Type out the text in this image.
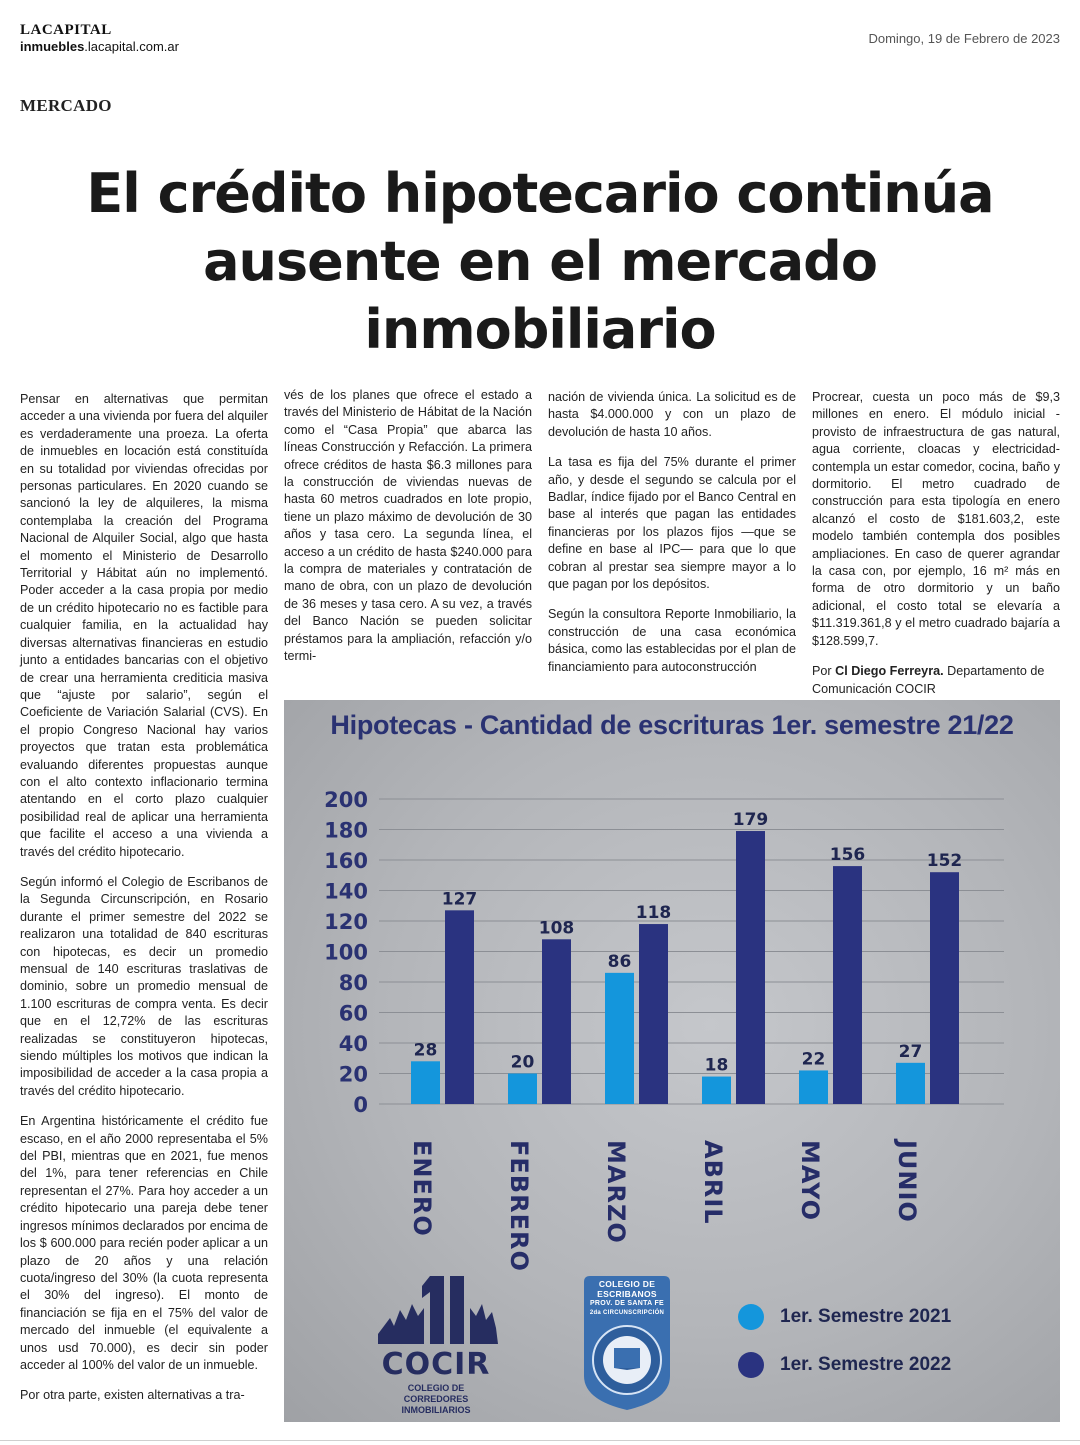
LACAPITAL
inmuebles.lacapital.com.ar
Domingo, 19 de Febrero de 2023
MERCADO
El crédito hipotecario continúa
ausente en el mercado
inmobiliario

Pensar en alternativas que permitan acceder a una vivienda por fuera del alquiler es verdaderamente una proeza. La oferta de inmuebles en locación está constituída en su totalidad por viviendas ofrecidas por personas particulares. En 2020 cuando se sancionó la ley de alquileres, la misma contemplaba la creación del Programa Nacional de Alquiler Social, algo que hasta el momento el Ministerio de Desarrollo Territorial y Hábitat aún no implementó. Poder acceder a la casa propia por medio de un crédito hipotecario no es factible para cualquier familia, en la actualidad hay diversas alternativas financieras en estudio junto a entidades bancarias con el objetivo de crear una herramienta crediticia masiva que “ajuste por salario”, según el Coeficiente de Variación Salarial (CVS). En el propio Congreso Nacional hay varios proyectos que tratan esta problemática evaluando diferentes propuestas aunque con el alto contexto inflacionario termina atentando en el corto plazo cualquier posibilidad real de aplicar una herramienta que facilite el acceso a una vivienda a través del crédito hipotecario.

Según informó el Colegio de Escribanos de la Segunda Circunscripción, en Rosario durante el primer semestre del 2022 se realizaron una totalidad de 840 escrituras con hipotecas, es decir un promedio mensual de 140 escrituras traslativas de dominio, sobre un promedio mensual de 1.100 escrituras de compra venta. Es decir que en el 12,72% de las escrituras realizadas se constituyeron hipotecas, siendo múltiples los motivos que indican la imposibilidad de acceder a la casa propia a través del crédito hipotecario.

En Argentina históricamente el crédito fue escaso, en el año 2000 representaba el 5% del PBI, mientras que en 2021, fue menos del 1%, para tener referencias en Chile representan el 27%. Para hoy acceder a un crédito hipotecario una pareja debe tener ingresos mínimos declarados por encima de los $ 600.000 para recién poder aplicar a un plazo de 20 años y una relación cuota/ingreso del 30% (la cuota representa el 30% del ingreso). El monto de financiación se fija en el 75% del valor de mercado del inmueble (el equivalente a unos usd 70.000), es decir sin poder acceder al 100% del valor de un inmueble.

Por otra parte, existen alternativas a tra-

vés de los planes que ofrece el estado a través del Ministerio de Hábitat de la Nación como el “Casa Propia” que abarca las líneas Construcción y Refacción. La primera ofrece créditos de hasta $6.3 millones para la construcción de viviendas nuevas de hasta 60 metros cuadrados en lote propio, tiene un plazo máximo de devolución de 30 años y tasa cero. La segunda línea, el acceso a un crédito de hasta $240.000 para la compra de materiales y contratación de mano de obra, con un plazo de devolución de 36 meses y tasa cero. A su vez, a través del Banco Nación se pueden solicitar préstamos para la ampliación, refacción y/o termi-

nación de vivienda única. La solicitud es de hasta $4.000.000 y con un plazo de devolución de hasta 10 años.

La tasa es fija del 75% durante el primer año, y desde el segundo se calcula por el Badlar, índice fijado por el Banco Central en base al interés que pagan las entidades financieras por los plazos fijos —que se define en base al IPC— para que lo que cobran al prestar sea siempre mayor a lo que pagan por los depósitos.

Según la consultora Reporte Inmobiliario, la construcción de una casa económica básica, como las establecidas por el plan de financiamiento para autoconstrucción

Procrear, cuesta un poco más de $9,3 millones en enero. El módulo inicial -provisto de infraestructura de gas natural, agua corriente, cloacas y electricidad- contempla un estar comedor, cocina, baño y dormitorio. El metro cuadrado de construcción para esta tipología en enero alcanzó el costo de $181.603,2, este modelo también contempla dos posibles ampliaciones. En caso de querer agrandar la casa con, por ejemplo, 16 m² más en forma de otro dormitorio y un baño adicional, el costo total se elevaría a $11.319.361,8 y el metro cuadrado bajaría a $128.599,7.

Por Cl Diego Ferreyra. Departamento de Comunicación COCIR

0
20
40
60
80
100
120
140
160
180
200
28
127
ENERO
20
108
FEBRERO
86
118
MARZO
18
179
ABRIL
22
156
MAYO
27
152
JUNIO
Hipotecas - Cantidad de escrituras 1er. semestre 21/22
COCIR
COLEGIO DE CORREDORES INMOBILIARIOS
COLEGIO DE
ESCRIBANOS
PROV. DE SANTA FE
2da CIRCUNSCRIPCIÓN	1er. Semestre 2021
1er. Semestre 2022
